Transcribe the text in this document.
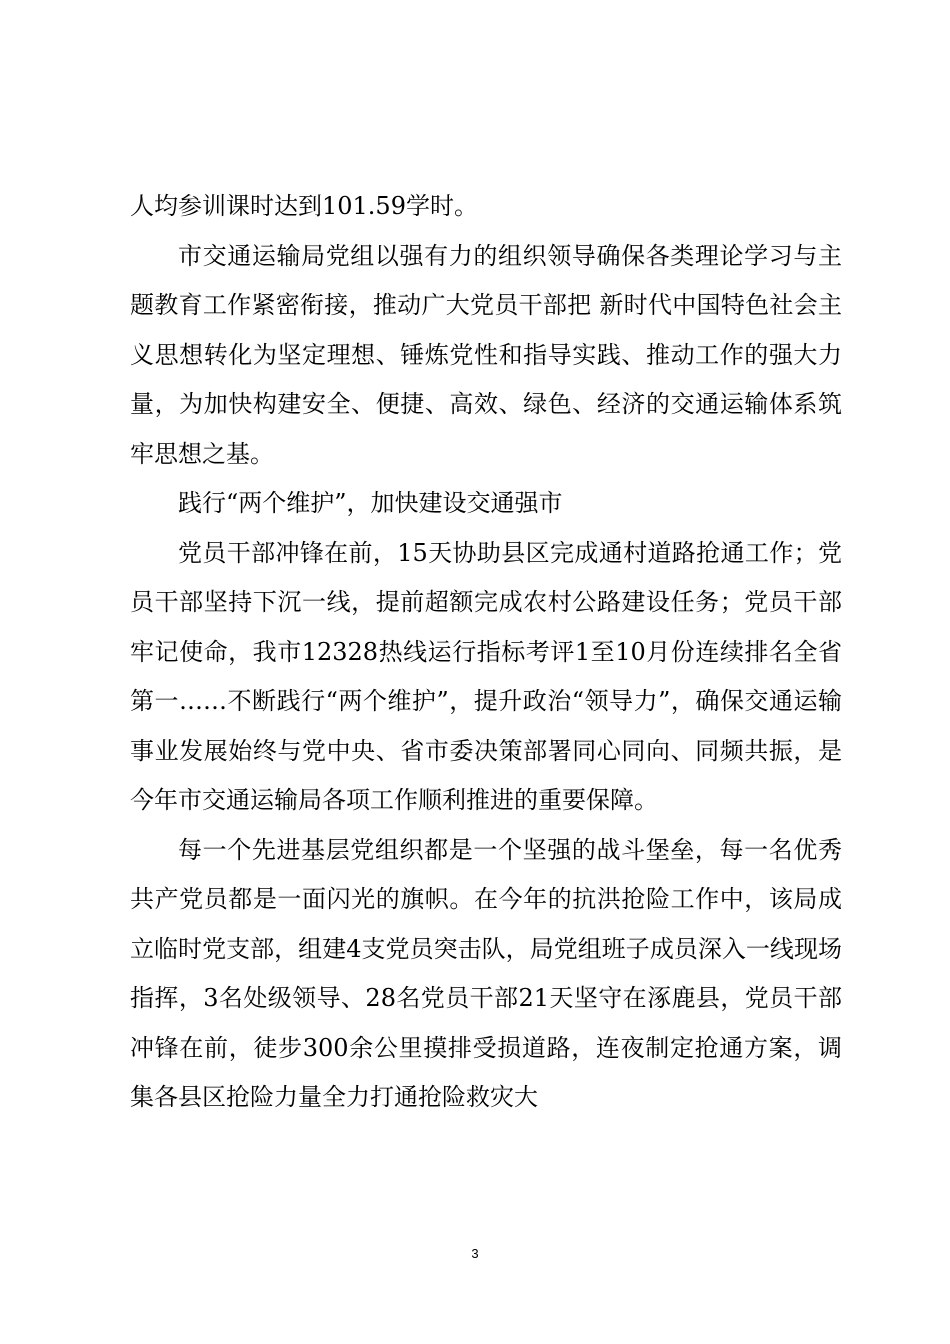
人均参训课时达到101.59学时。

市交通运输局党组以强有力的组织领导确保各类理论学习与主题教育工作紧密衔接，推动广大党员干部把 新时代中国特色社会主义思想转化为坚定理想、锤炼党性和指导实践、推动工作的强大力量，为加快构建安全、便捷、高效、绿色、经济的交通运输体系筑牢思想之基。

践行“两个维护”，加快建设交通强市

党员干部冲锋在前，15天协助县区完成通村道路抢通工作；党员干部坚持下沉一线，提前超额完成农村公路建设任务；党员干部牢记使命，我市12328热线运行指标考评1至10月份连续排名全省第一……不断践行“两个维护”，提升政治“领导力”，确保交通运输事业发展始终与党中央、省市委决策部署同心同向、同频共振，是今年市交通运输局各项工作顺利推进的重要保障。

每一个先进基层党组织都是一个坚强的战斗堡垒，每一名优秀共产党员都是一面闪光的旗帜。在今年的抗洪抢险工作中，该局成立临时党支部，组建4支党员突击队，局党组班子成员深入一线现场指挥，3名处级领导、28名党员干部21天坚守在涿鹿县，党员干部冲锋在前，徒步300余公里摸排受损道路，连夜制定抢通方案，调集各县区抢险力量全力打通抢险救灾大

3
